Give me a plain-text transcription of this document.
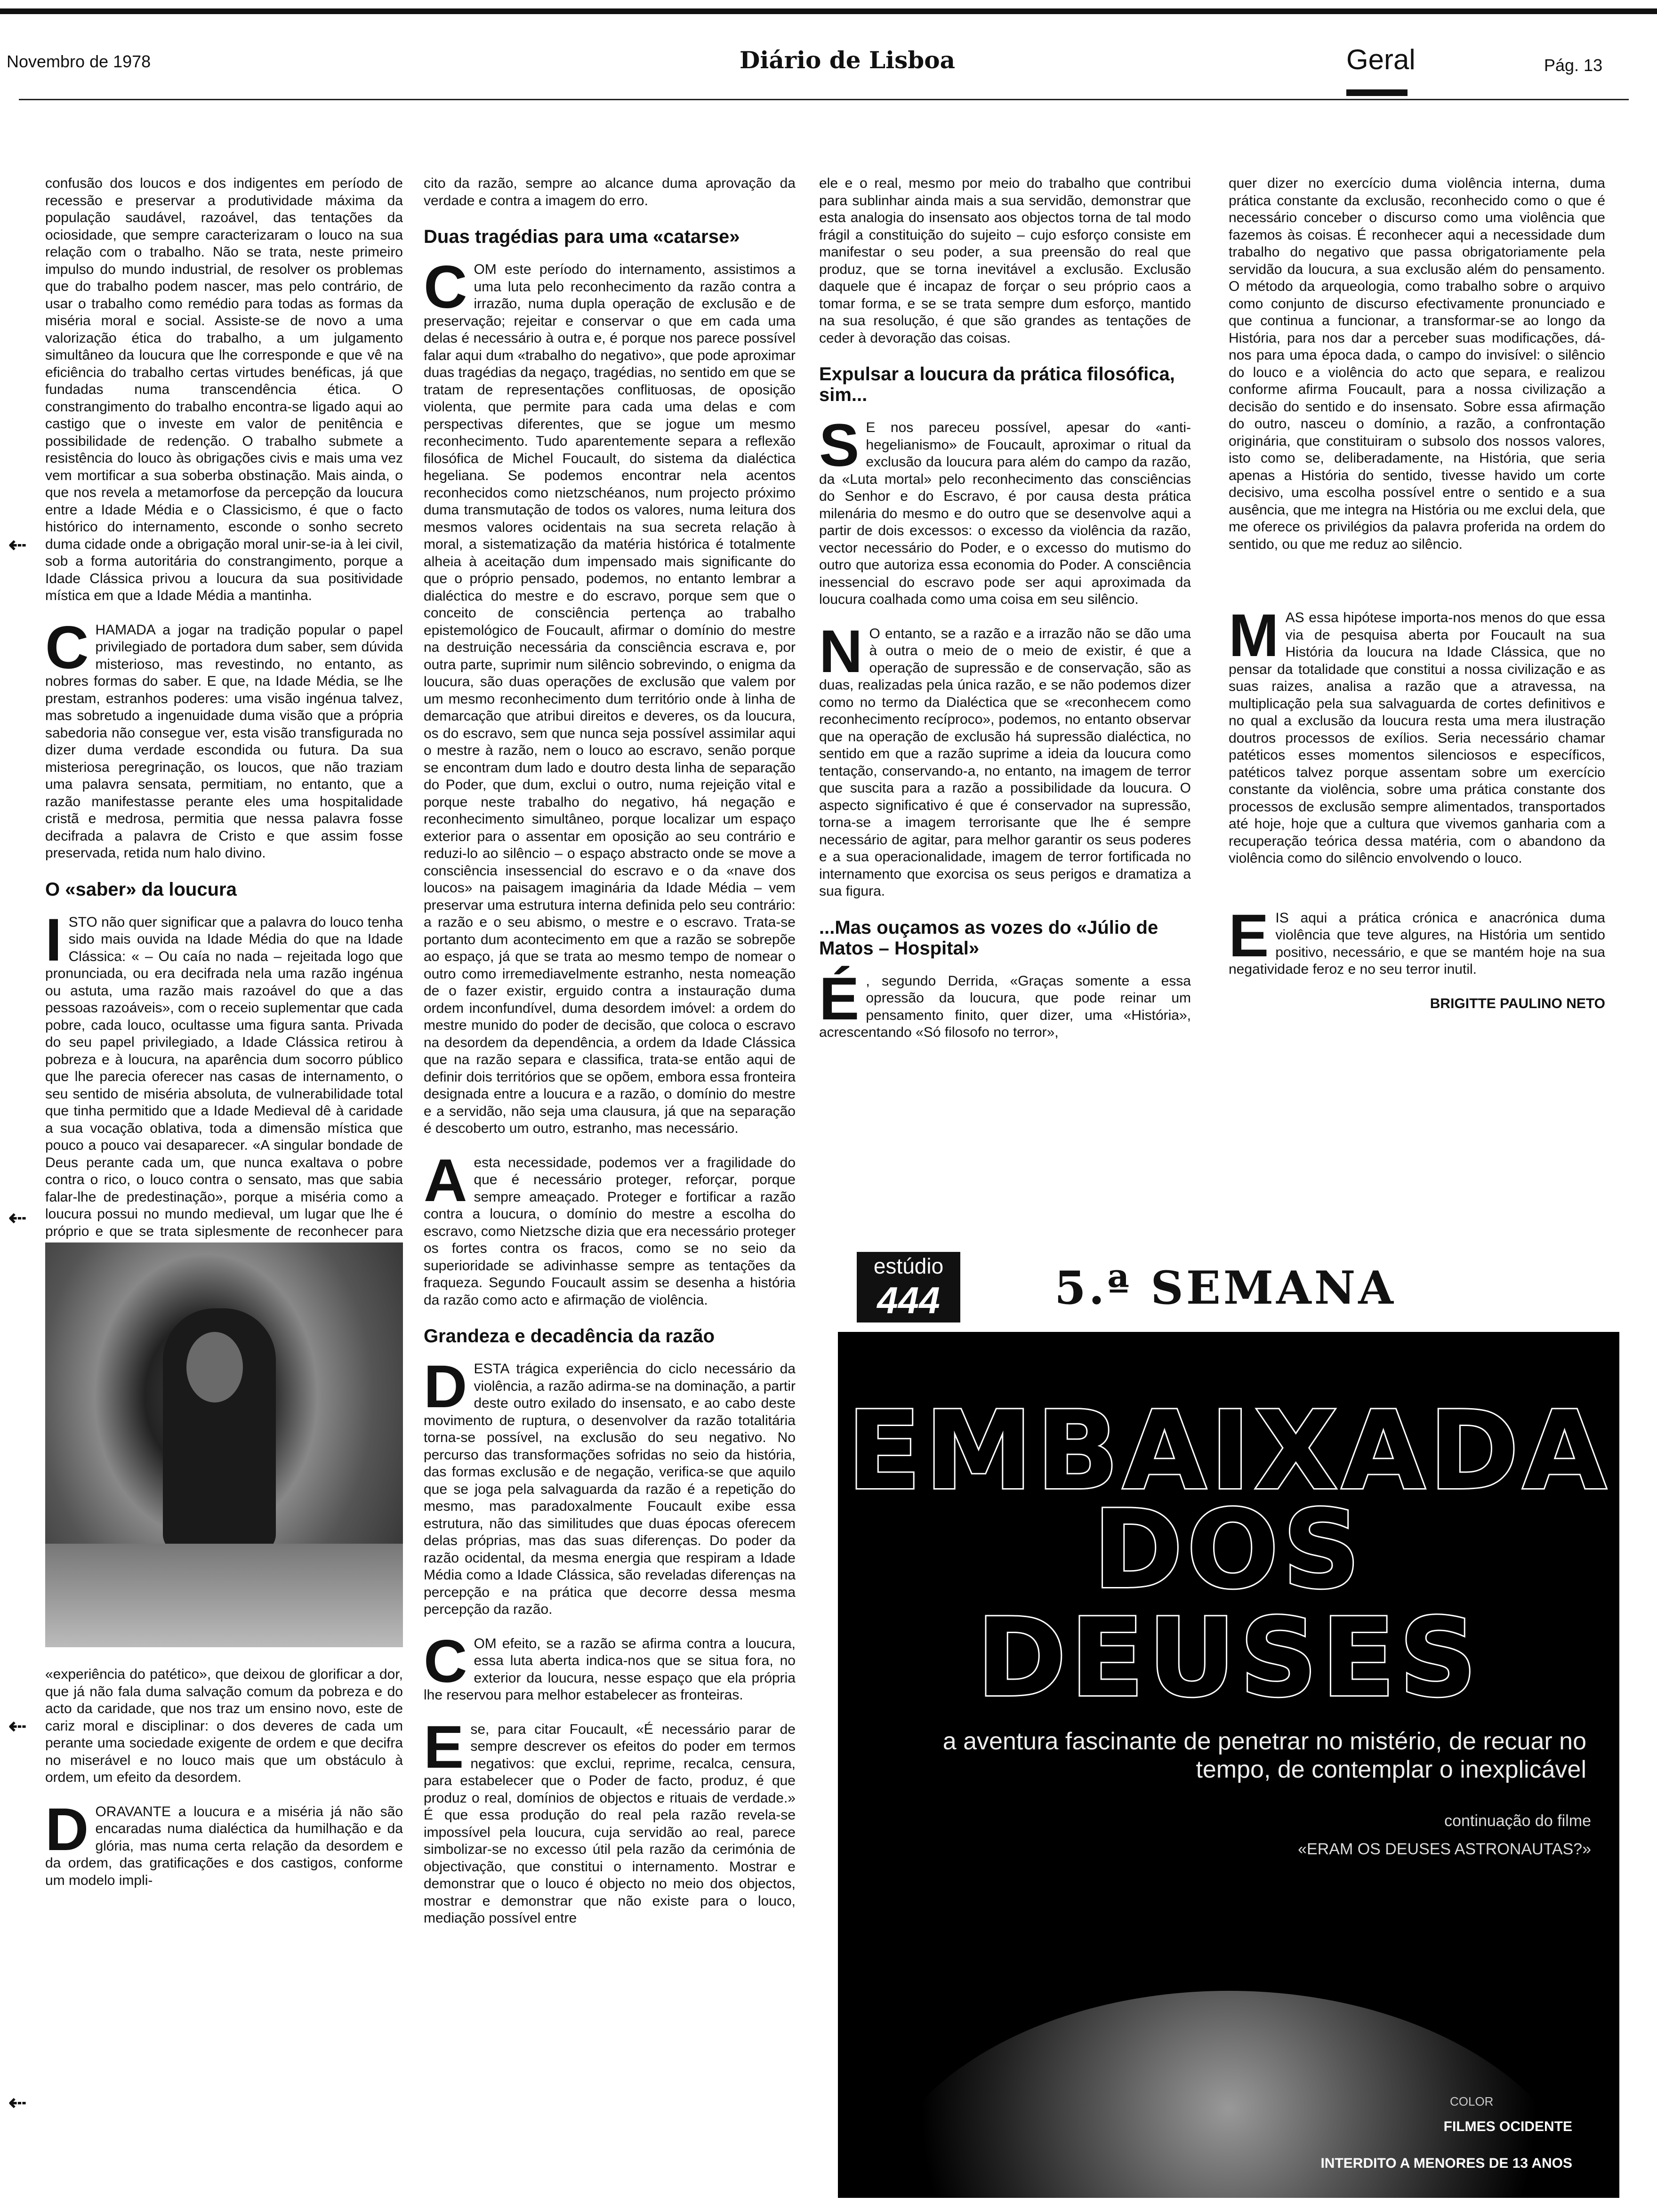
Novembro de 1978	Diário de Lisboa	Geral	Pág. 13
⇠
⇠
⇠
⇠

confusão dos loucos e dos indigentes em período de recessão e preservar a produtividade máxima da população saudável, razoável, das tentações da ociosidade, que sempre caracterizaram o louco na sua relação com o trabalho. Não se trata, neste primeiro impulso do mundo industrial, de resolver os problemas que do trabalho podem nascer, mas pelo contrário, de usar o trabalho como remédio para todas as formas da miséria moral e social. Assiste-se de novo a uma valorização ética do trabalho, a um julgamento simultâneo da loucura que lhe corresponde e que vê na eficiência do trabalho certas virtudes benéficas, já que fundadas numa transcendência ética. O constrangimento do trabalho encontra-se ligado aqui ao castigo que o investe em valor de penitência e possibilidade de redenção. O trabalho submete a resistência do louco às obrigações civis e mais uma vez vem mortificar a sua soberba obstinação. Mais ainda, o que nos revela a metamorfose da percepção da loucura entre a Idade Média e o Classicismo, é que o facto histórico do internamento, esconde o sonho secreto duma cidade onde a obrigação moral unir-se-ia à lei civil, sob a forma autoritária do constrangimento, porque a Idade Clássica privou a loucura da sua positividade mística em que a Idade Média a mantinha.

CHAMADA a jogar na tradição popular o papel privilegiado de portadora dum saber, sem dúvida misterioso, mas revestindo, no entanto, as nobres formas do saber. E que, na Idade Média, se lhe prestam, estranhos poderes: uma visão ingénua talvez, mas sobretudo a ingenuidade duma visão que a própria sabedoria não consegue ver, esta visão transfigurada no dizer duma verdade escondida ou futura. Da sua misteriosa peregrinação, os loucos, que não traziam uma palavra sensata, permitiam, no entanto, que a razão manifestasse perante eles uma hospitalidade cristã e medrosa, permitia que nessa palavra fosse decifrada a palavra de Cristo e que assim fosse preservada, retida num halo divino.

O «saber» da loucura

ISTO não quer significar que a palavra do louco tenha sido mais ouvida na Idade Média do que na Idade Clássica: « – Ou caía no nada – rejeitada logo que pronunciada, ou era decifrada nela uma razão ingénua ou astuta, uma razão mais razoável do que a das pessoas razoáveis», com o receio suplementar que cada pobre, cada louco, ocultasse uma figura santa. Privada do seu papel privilegiado, a Idade Clássica retirou à pobreza e à loucura, na aparência dum socorro público que lhe parecia oferecer nas casas de internamento, o seu sentido de miséria absoluta, de vulnerabilidade total que tinha permitido que a Idade Medieval dê à caridade a sua vocação oblativa, toda a dimensão mística que pouco a pouco vai desaparecer. «A singular bondade de Deus perante cada um, que nunca exaltava o pobre contra o rico, o louco contra o sensato, mas que sabia falar-lhe de predestinação», porque a miséria como a loucura possui no mundo medieval, um lugar que lhe é próprio e que se trata siplesmente de reconhecer para

«experiência do patético», que deixou de glorificar a dor, que já não fala duma salvação comum da pobreza e do acto da caridade, que nos traz um ensino novo, este de cariz moral e disciplinar: o dos deveres de cada um perante uma sociedade exigente de ordem e que decifra no miserável e no louco mais que um obstáculo à ordem, um efeito da desordem.

DORAVANTE a loucura e a miséria já não são encaradas numa dialéctica da humilhação e da glória, mas numa certa relação da desordem e da ordem, das gratificações e dos castigos, conforme um modelo impli-

cito da razão, sempre ao alcance duma aprovação da verdade e contra a imagem do erro.

Duas tragédias para uma «catarse»

COM este período do internamento, assistimos a uma luta pelo reconhecimento da razão contra a irrazão, numa dupla operação de exclusão e de preservação; rejeitar e conservar o que em cada uma delas é necessário à outra e, é porque nos parece possível falar aqui dum «trabalho do negativo», que pode aproximar duas tragédias da negaço, tragédias, no sentido em que se tratam de representações conflituosas, de oposição violenta, que permite para cada uma delas e com perspectivas diferentes, que se jogue um mesmo reconhecimento. Tudo aparentemente separa a reflexão filosófica de Michel Foucault, do sistema da dialéctica hegeliana. Se podemos encontrar nela acentos reconhecidos como nietzschéanos, num projecto próximo duma transmutação de todos os valores, numa leitura dos mesmos valores ocidentais na sua secreta relação à moral, a sistematização da matéria histórica é totalmente alheia à aceitação dum impensado mais significante do que o próprio pensado, podemos, no entanto lembrar a dialéctica do mestre e do escravo, porque sem que o conceito de consciência pertença ao trabalho epistemológico de Foucault, afirmar o domínio do mestre na destruição necessária da consciência escrava e, por outra parte, suprimir num silêncio sobrevindo, o enigma da loucura, são duas operações de exclusão que valem por um mesmo reconhecimento dum território onde à linha de demarcação que atribui direitos e deveres, os da loucura, os do escravo, sem que nunca seja possível assimilar aqui o mestre à razão, nem o louco ao escravo, senão porque se encontram dum lado e doutro desta linha de separação do Poder, que dum, exclui o outro, numa rejeição vital e porque neste trabalho do negativo, há negação e reconhecimento simultâneo, porque localizar um espaço exterior para o assentar em oposição ao seu contrário e reduzi-lo ao silêncio – o espaço abstracto onde se move a consciência insessencial do escravo e o da «nave dos loucos» na paisagem imaginária da Idade Média – vem preservar uma estrutura interna definida pelo seu contrário: a razão e o seu abismo, o mestre e o escravo. Trata-se portanto dum acontecimento em que a razão se sobrepõe ao espaço, já que se trata ao mesmo tempo de nomear o outro como irremediavelmente estranho, nesta nomeação de o fazer existir, erguido contra a instauração duma ordem inconfundível, duma desordem imóvel: a ordem do mestre munido do poder de decisão, que coloca o escravo na desordem da dependência, a ordem da Idade Clássica que na razão separa e classifica, trata-se então aqui de definir dois territórios que se opõem, embora essa fronteira designada entre a loucura e a razão, o domínio do mestre e a servidão, não seja uma clausura, já que na separação é descoberto um outro, estranho, mas necessário.

Aesta necessidade, podemos ver a fragilidade do que é necessário proteger, reforçar, porque sempre ameaçado. Proteger e fortificar a razão contra a loucura, o domínio do mestre a escolha do escravo, como Nietzsche dizia que era necessário proteger os fortes contra os fracos, como se no seio da superioridade se adivinhasse sempre as tentações da fraqueza. Segundo Foucault assim se desenha a história da razão como acto e afirmação de violência.

Grandeza e decadência da razão

DESTA trágica experiência do ciclo necessário da violência, a razão adirma-se na dominação, a partir deste outro exilado do insensato, e ao cabo deste movimento de ruptura, o desenvolver da razão totalitária torna-se possível, na exclusão do seu negativo. No percurso das transformações sofridas no seio da história, das formas exclusão e de negação, verifica-se que aquilo que se joga pela salvaguarda da razão é a repetição do mesmo, mas paradoxalmente Foucault exibe essa estrutura, não das similitudes que duas épocas oferecem delas próprias, mas das suas diferenças. Do poder da razão ocidental, da mesma energia que respiram a Idade Média como a Idade Clássica, são reveladas diferenças na percepção e na prática que decorre dessa mesma percepção da razão.

COM efeito, se a razão se afirma contra a loucura, essa luta aberta indica-nos que se situa fora, no exterior da loucura, nesse espaço que ela própria lhe reservou para melhor estabelecer as fronteiras.

Ese, para citar Foucault, «É necessário parar de sempre descrever os efeitos do poder em termos negativos: que exclui, reprime, recalca, censura, para estabelecer que o Poder de facto, produz, é que produz o real, domínios de objectos e rituais de verdade.» É que essa produção do real pela razão revela-se impossível pela loucura, cuja servidão ao real, parece simbolizar-se no excesso útil pela razão da cerimónia de objectivação, que constitui o internamento. Mostrar e demonstrar que o louco é objecto no meio dos objectos, mostrar e demonstrar que não existe para o louco, mediação possível entre

ele e o real, mesmo por meio do trabalho que contribui para sublinhar ainda mais a sua servidão, demonstrar que esta analogia do insensato aos objectos torna de tal modo frágil a constituição do sujeito – cujo esforço consiste em manifestar o seu poder, a sua preensão do real que produz, que se torna inevitável a exclusão. Exclusão daquele que é incapaz de forçar o seu próprio caos a tomar forma, e se se trata sempre dum esforço, mantido na sua resolução, é que são grandes as tentações de ceder à devoração das coisas.

Expulsar a loucura da prática filosófica, sim...

S E nos pareceu possível, apesar do «anti-hegelianismo» de Foucault, aproximar o ritual da exclusão da loucura para além do campo da razão, da «Luta mortal» pelo reconhecimento das consciências do Senhor e do Escravo, é por causa desta prática milenária do mesmo e do outro que se desenvolve aqui a partir de dois excessos: o excesso da violência da razão, vector necessário do Poder, e o excesso do mutismo do outro que autoriza essa economia do Poder. A consciência inessencial do escravo pode ser aqui aproximada da loucura coalhada como uma coisa em seu silêncio.

N O entanto, se a razão e a irrazão não se dão uma à outra o meio de o meio de existir, é que a operação de supressão e de conservação, são as duas, realizadas pela única razão, e se não podemos dizer como no termo da Dialéctica que se «reconhecem como reconhecimento recíproco», podemos, no entanto observar que na operação de exclusão há supressão dialéctica, no sentido em que a razão suprime a ideia da loucura como tentação, conservando-a, no entanto, na imagem de terror que suscita para a razão a possibilidade da loucura. O aspecto significativo é que é conservador na supressão, torna-se a imagem terrorisante que lhe é sempre necessário de agitar, para melhor garantir os seus poderes e a sua operacionalidade, imagem de terror fortificada no internamento que exorcisa os seus perigos e dramatiza a sua figura.

...Mas ouçamos as vozes do «Júlio de Matos – Hospital»

É , segundo Derrida, «Graças somente a essa opressão da loucura, que pode reinar um pensamento finito, quer dizer, uma «História», acrescentando «Só filosofo no terror»,

quer dizer no exercício duma violência interna, duma prática constante da exclusão, reconhecido como o que é necessário conceber o discurso como uma violência que fazemos às coisas. É reconhecer aqui a necessidade dum trabalho do negativo que passa obrigatoriamente pela servidão da loucura, a sua exclusão além do pensamento. O método da arqueologia, como trabalho sobre o arquivo como conjunto de discurso efectivamente pronunciado e que continua a funcionar, a transformar-se ao longo da História, para nos dar a perceber suas modificações, dá-nos para uma época dada, o campo do invisível: o silêncio do louco e a violência do acto que separa, e realizou conforme afirma Foucault, para a nossa civilização a decisão do sentido e do insensato. Sobre essa afirmação do outro, nasceu o domínio, a razão, a confrontação originária, que constituiram o subsolo dos nossos valores, isto como se, deliberadamente, na História, que seria apenas a História do sentido, tivesse havido um corte decisivo, uma escolha possível entre o sentido e a sua ausência, que me integra na História ou me exclui dela, que me oferece os privilégios da palavra proferida na ordem do sentido, ou que me reduz ao silêncio.

MAS essa hipótese importa-nos menos do que essa via de pesquisa aberta por Foucault na sua História da loucura na Idade Clássica, que no pensar da totalidade que constitui a nossa civilização e as suas raizes, analisa a razão que a atravessa, na multiplicação pela sua salvaguarda de cortes definitivos e no qual a exclusão da loucura resta uma mera ilustração doutros processos de exílios. Seria necessário chamar patéticos esses momentos silenciosos e específicos, patéticos talvez porque assentam sobre um exercício constante da violência, sobre uma prática constante dos processos de exclusão sempre alimentados, transportados até hoje, hoje que a cultura que vivemos ganharia com a recuperação teórica dessa matéria, com o abandono da violência como do silêncio envolvendo o louco.

EIS aqui a prática crónica e anacrónica duma violência que teve algures, na História um sentido positivo, necessário, e que se mantém hoje na sua negatividade feroz e no seu terror inutil.

BRIGITTE PAULINO NETO

estúdio
444	5.ª SEMANA
EMBAIXADA
DOS
DEUSES
a aventura fascinante de penetrar no mistério, de recuar no tempo, de contemplar o inexplicável
continuação do filme
«ERAM OS DEUSES ASTRONAUTAS?»
COLOR
FILMES OCIDENTE
INTERDITO A MENORES DE 13 ANOS
